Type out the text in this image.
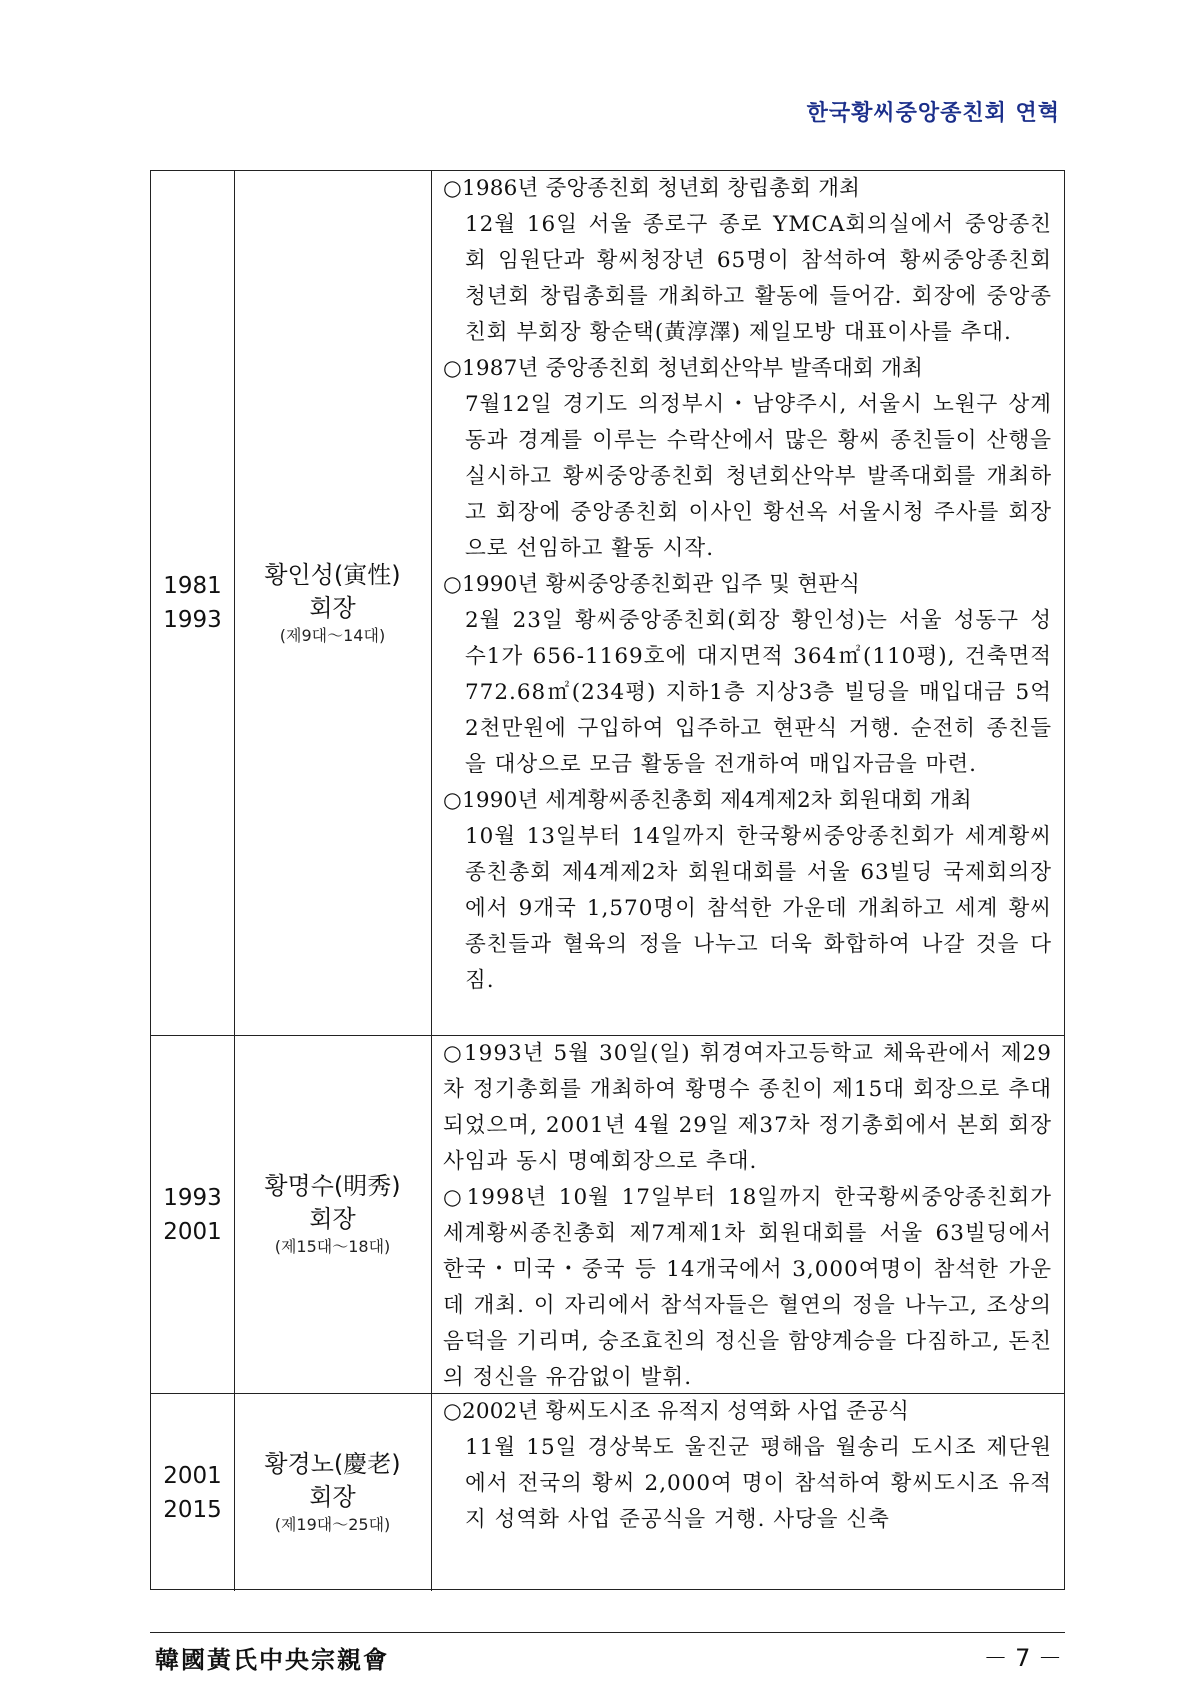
한국황씨중앙종친회 연혁
1981
1993
황인성(寅性)
회장
(제9대～14대)
○1986년 중앙종친회 청년회 창립총회 개최
12월 16일 서울 종로구 종로 YMCA회의실에서 중앙종친회 임원단과 황씨청장년 65명이 참석하여 황씨중앙종친회청년회 창립총회를 개최하고 활동에 들어감. 회장에 중앙종친회 부회장 황순택(黃淳澤) 제일모방 대표이사를 추대.
○1987년 중앙종친회 청년회산악부 발족대회 개최
7월12일 경기도 의정부시・남양주시, 서울시 노원구 상계동과 경계를 이루는 수락산에서 많은 황씨 종친들이 산행을 실시하고 황씨중앙종친회 청년회산악부 발족대회를 개최하고 회장에 중앙종친회 이사인 황선옥 서울시청 주사를 회장으로 선임하고 활동 시작.
○1990년 황씨중앙종친회관 입주 및 현판식
2월 23일 황씨중앙종친회(회장 황인성)는 서울 성동구 성수1가 656-1169호에 대지면적 364㎡(110평), 건축면적 772.68㎡(234평) 지하1층 지상3층 빌딩을 매입대금 5억2천만원에 구입하여 입주하고 현판식 거행. 순전히 종친들을 대상으로 모금 활동을 전개하여 매입자금을 마련.
○1990년 세계황씨종친총회 제4계제2차 회원대회 개최
10월 13일부터 14일까지 한국황씨중앙종친회가 세계황씨종친총회 제4계제2차 회원대회를 서울 63빌딩 국제회의장에서 9개국 1,570명이 참석한 가운데 개최하고 세계 황씨 종친들과 혈육의 정을 나누고 더욱 화합하여 나갈 것을 다짐.
1993
2001
황명수(明秀)
회장
(제15대～18대)
○1993년 5월 30일(일) 휘경여자고등학교 체육관에서 제29차 정기총회를 개최하여 황명수 종친이 제15대 회장으로 추대되었으며, 2001년 4월 29일 제37차 정기총회에서 본회 회장 사임과 동시 명예회장으로 추대.
○1998년 10월 17일부터 18일까지 한국황씨중앙종친회가 세계황씨종친총회 제7계제1차 회원대회를 서울 63빌딩에서 한국・미국・중국 등 14개국에서 3,000여명이 참석한 가운데 개최. 이 자리에서 참석자들은 혈연의 정을 나누고, 조상의 음덕을 기리며, 숭조효친의 정신을 함양계승을 다짐하고, 돈친의 정신을 유감없이 발휘.
2001
2015
황경노(慶老)
회장
(제19대～25대)
○2002년 황씨도시조 유적지 성역화 사업 준공식
11월 15일 경상북도 울진군 평해읍 월송리 도시조 제단원에서 전국의 황씨 2,000여 명이 참석하여 황씨도시조 유적지 성역화 사업 준공식을 거행. 사당을 신축
韓國黃氏中央宗親會	－ 7 －
